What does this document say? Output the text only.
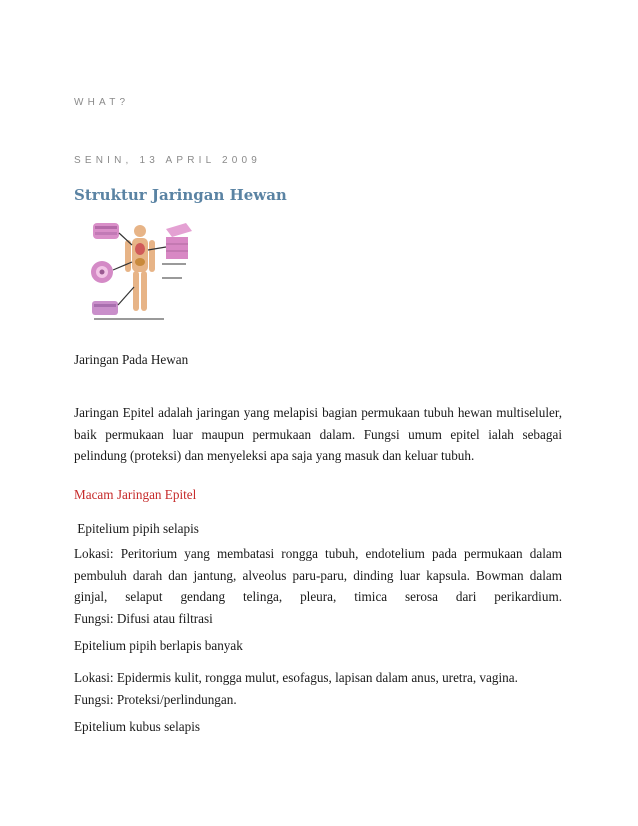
WHAT?
SENIN, 13 APRIL 2009
Struktur Jaringan Hewan

Jaringan Pada Hewan

Jaringan Epitel adalah jaringan yang melapisi bagian permukaan tubuh hewan multiseluler, baik permukaan luar maupun permukaan dalam. Fungsi umum epitel ialah sebagai pelindung (proteksi) dan menyeleksi apa saja yang masuk dan keluar tubuh.

Macam Jaringan Epitel

Epitelium pipih selapis

Lokasi: Peritorium yang membatasi rongga tubuh, endotelium pada permukaan dalam pembuluh darah dan jantung, alveolus paru-paru, dinding luar kapsula. Bowman dalam ginjal, selaput gendang telinga, pleura, timica serosa dari perikardium.
Fungsi: Difusi atau filtrasi

Epitelium pipih berlapis banyak

Lokasi: Epidermis kulit, rongga mulut, esofagus, lapisan dalam anus, uretra, vagina.
Fungsi: Proteksi/perlindungan.

Epitelium kubus selapis
